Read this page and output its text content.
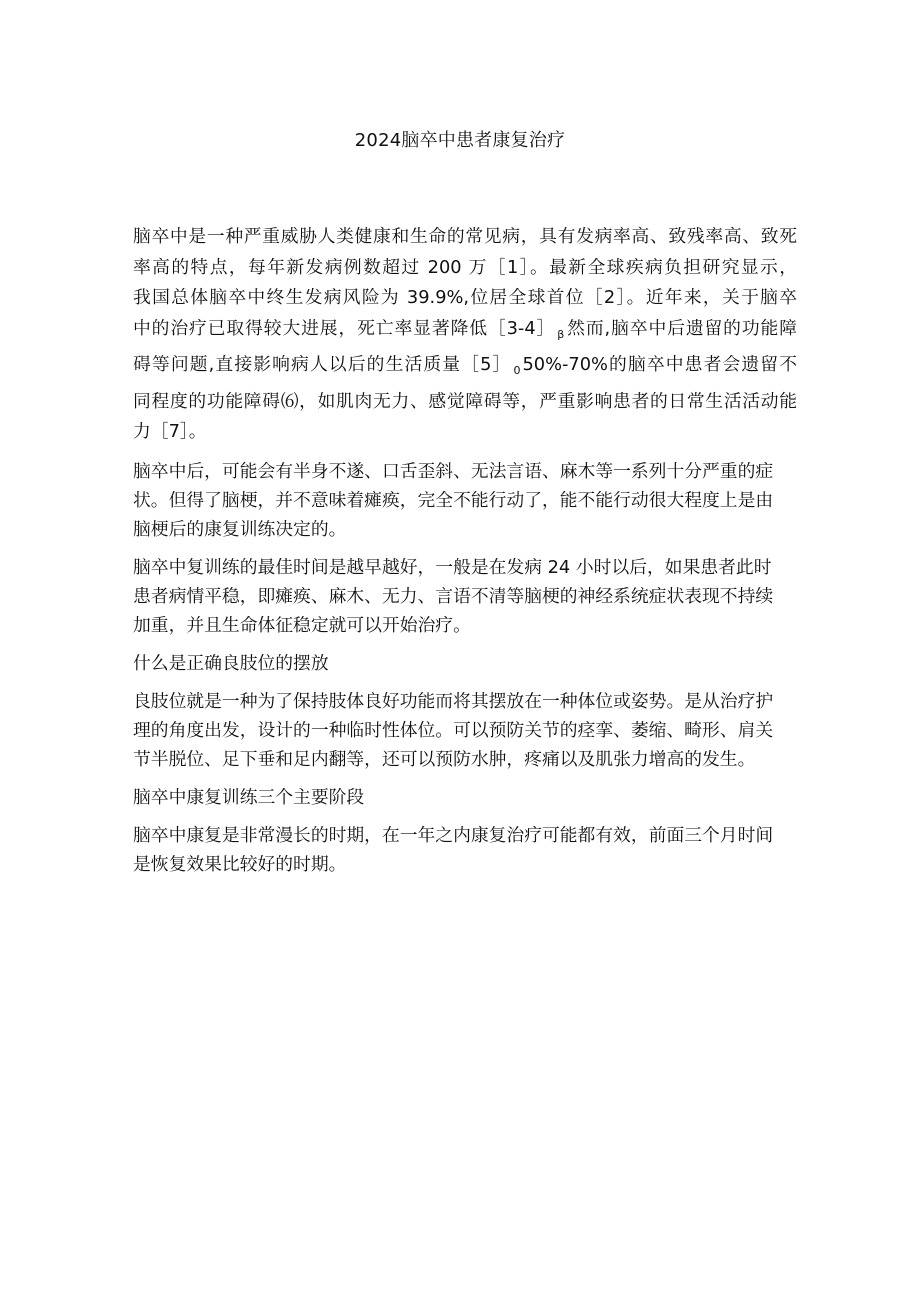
2024脑卒中患者康复治疗
脑卒中是一种严重威胁人类健康和生命的常见病，具有发病率高、致残率高、致死
率高的特点，每年新发病例数超过 200 万［1］。最新全球疾病负担研究显示，
我国总体脑卒中终生发病风险为 39.9%,位居全球首位［2］。近年来，关于脑卒
中的治疗已取得较大进展，死亡率显著降低［3-4］ $_\beta$ 然而,脑卒中后遗留的功能障
碍等问题,直接影响病人以后的生活质量［5］ $_0$ 50%-70%的脑卒中患者会遗留不
同程度的功能障碍⑹，如肌肉无力、感觉障碍等，严重影响患者的日常生活活动能
力［7］。
脑卒中后，可能会有半身不遂、口舌歪斜、无法言语、麻木等一系列十分严重的症
状。但得了脑梗，并不意味着瘫痪，完全不能行动了，能不能行动很大程度上是由
脑梗后的康复训练决定的。
脑卒中复训练的最佳时间是越早越好，一般是在发病 24 小时以后，如果患者此时
患者病情平稳，即瘫痪、麻木、无力、言语不清等脑梗的神经系统症状表现不持续
加重，并且生命体征稳定就可以开始治疗。
什么是正确良肢位的摆放
良肢位就是一种为了保持肢体良好功能而将其摆放在一种体位或姿势。是从治疗护
理的角度出发，设计的一种临时性体位。可以预防关节的痉挛、萎缩、畸形、肩关
节半脱位、足下垂和足内翻等，还可以预防水肿，疼痛以及肌张力增高的发生。
脑卒中康复训练三个主要阶段
脑卒中康复是非常漫长的时期，在一年之内康复治疗可能都有效，前面三个月时间
是恢复效果比较好的时期。
